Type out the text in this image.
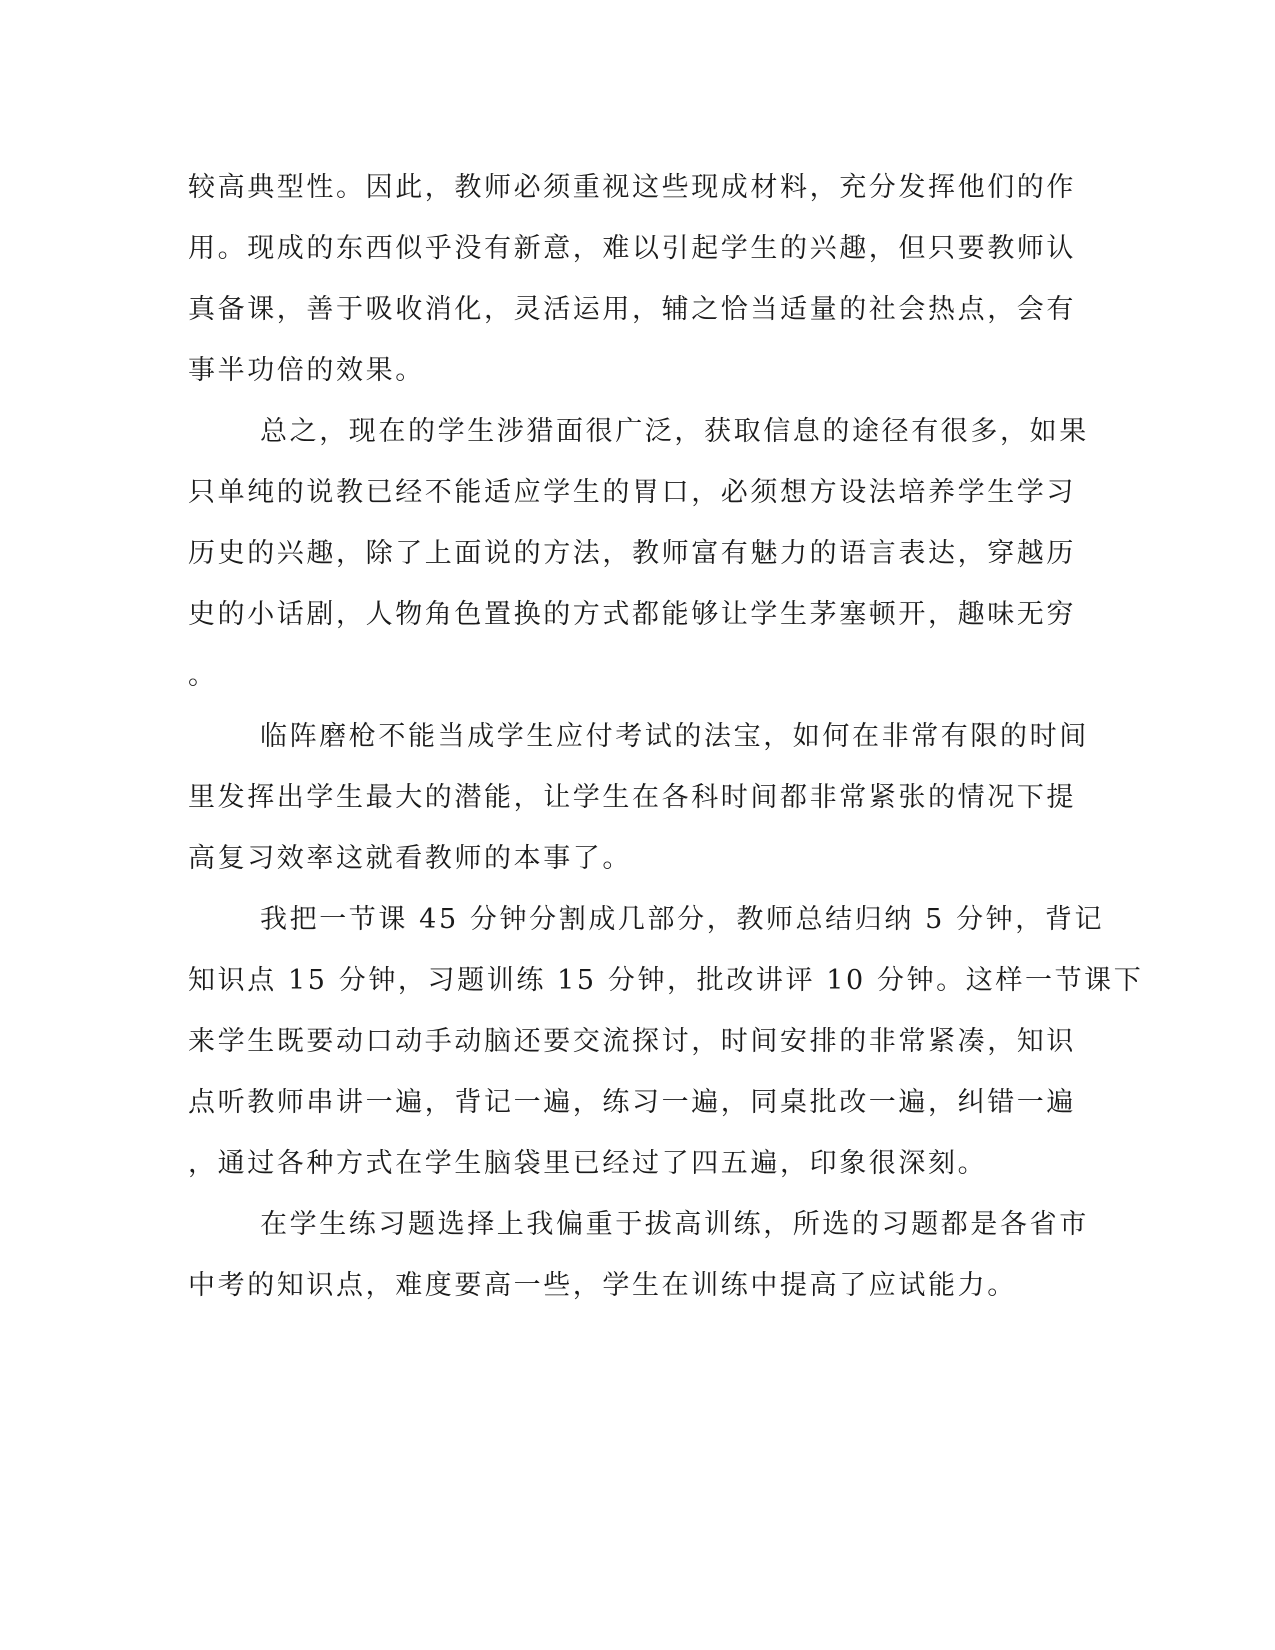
较高典型性。因此，教师必须重视这些现成材料，充分发挥他们的作
用。现成的东西似乎没有新意，难以引起学生的兴趣，但只要教师认
真备课，善于吸收消化，灵活运用，辅之恰当适量的社会热点，会有
事半功倍的效果。
总之，现在的学生涉猎面很广泛，获取信息的途径有很多，如果
只单纯的说教已经不能适应学生的胃口，必须想方设法培养学生学习
历史的兴趣，除了上面说的方法，教师富有魅力的语言表达，穿越历
史的小话剧，人物角色置换的方式都能够让学生茅塞顿开，趣味无穷
。
临阵磨枪不能当成学生应付考试的法宝，如何在非常有限的时间
里发挥出学生最大的潜能，让学生在各科时间都非常紧张的情况下提
高复习效率这就看教师的本事了。
我把一节课 45 分钟分割成几部分，教师总结归纳 5 分钟，背记
知识点 15 分钟，习题训练 15 分钟，批改讲评 10 分钟。这样一节课下
来学生既要动口动手动脑还要交流探讨，时间安排的非常紧凑，知识
点听教师串讲一遍，背记一遍，练习一遍，同桌批改一遍，纠错一遍
，通过各种方式在学生脑袋里已经过了四五遍，印象很深刻。
在学生练习题选择上我偏重于拔高训练，所选的习题都是各省市
中考的知识点，难度要高一些，学生在训练中提高了应试能力。
